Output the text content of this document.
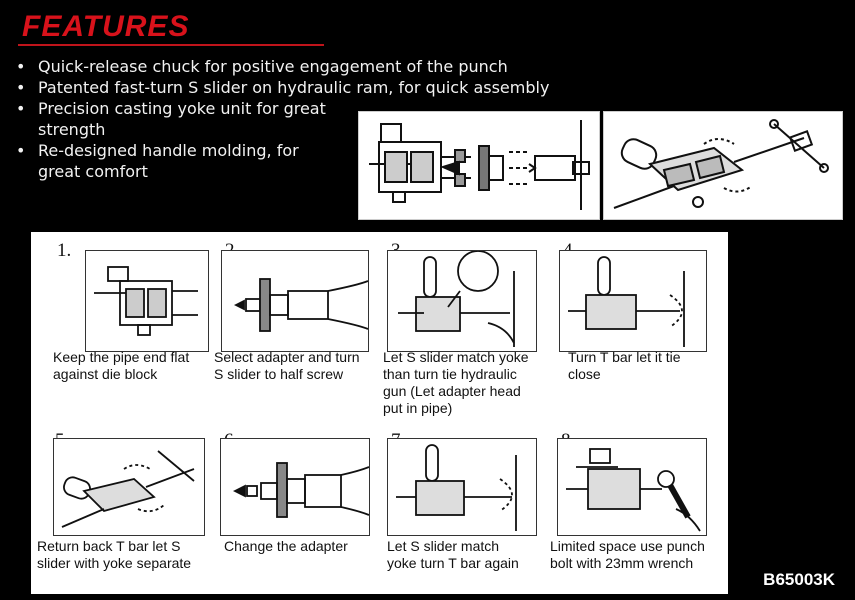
FEATURES
• Quick-release chuck for positive engagement of the punch
• Patented fast-turn S slider on hydraulic ram, for quick assembly
• Precision casting yoke unit for great
strength
• Re-designed handle molding, for
great comfort
1.
Keep the pipe end flat
against die block
Select adapter and turn
S slider to half screw
Let S slider match yoke
than turn tie hydraulic
gun (Let adapter head
put in pipe)
Turn T bar let it tie
close
Return back T bar let S
slider with yoke separate
Change the adapter	Let S slider match
yoke turn T bar again
Limited space use punch
bolt with 23mm wrench
B65003K
